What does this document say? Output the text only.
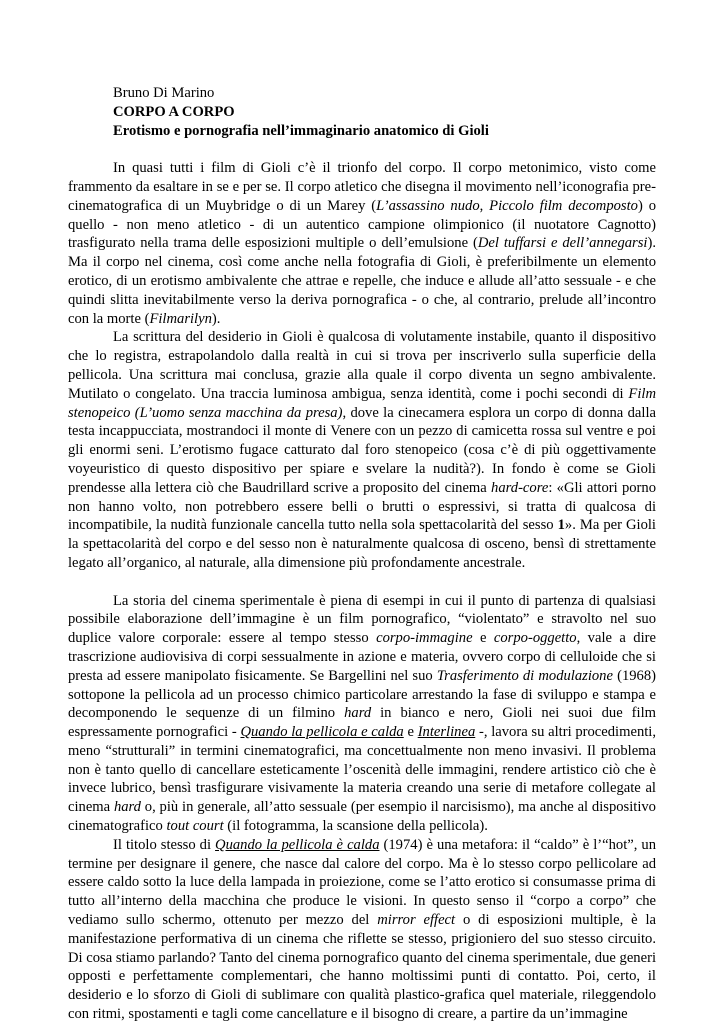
Bruno Di Marino
CORPO A CORPO
Erotismo e pornografia nell’immaginario anatomico di Gioli

In quasi tutti i film di Gioli c’è il trionfo del corpo. Il corpo metonimico, visto come frammento da esaltare in se e per se. Il corpo atletico che disegna il movimento nell’iconografia pre-cinematografica di un Muybridge o di un Marey (L’assassino nudo, Piccolo film decomposto) o quello - non meno atletico - di un autentico campione olimpionico (il nuotatore Cagnotto) trasfigurato nella trama delle esposizioni multiple o dell’emulsione (Del tuffarsi e dell’annegarsi). Ma il corpo nel cinema, così come anche nella fotografia di Gioli, è preferibilmente un elemento erotico, di un erotismo ambivalente che attrae e repelle, che induce e allude all’atto sessuale - e che quindi slitta inevitabilmente verso la deriva pornografica - o che, al contrario, prelude all’incontro con la morte (Filmarilyn).

La scrittura del desiderio in Gioli è qualcosa di volutamente instabile, quanto il dispositivo che lo registra, estrapolandolo dalla realtà in cui si trova per inscriverlo sulla superficie della pellicola. Una scrittura mai conclusa, grazie alla quale il corpo diventa un segno ambivalente. Mutilato o congelato. Una traccia luminosa ambigua, senza identità, come i pochi secondi di Film stenopeico (L’uomo senza macchina da presa), dove la cinecamera esplora un corpo di donna dalla testa incappucciata, mostrandoci il monte di Venere con un pezzo di camicetta rossa sul ventre e poi gli enormi seni. L’erotismo fugace catturato dal foro stenopeico (cosa c’è di più oggettivamente voyeuristico di questo dispositivo per spiare e svelare la nudità?). In fondo è come se Gioli prendesse alla lettera ciò che Baudrillard scrive a proposito del cinema hard-core: «Gli attori porno non hanno volto, non potrebbero essere belli o brutti o espressivi, si tratta di qualcosa di incompatibile, la nudità funzionale cancella tutto nella sola spettacolarità del sesso 1». Ma per Gioli la spettacolarità del corpo e del sesso non è naturalmente qualcosa di osceno, bensì di strettamente legato all’organico, al naturale, alla dimensione più profondamente ancestrale.

La storia del cinema sperimentale è piena di esempi in cui il punto di partenza di qualsiasi possibile elaborazione dell’immagine è un film pornografico, “violentato” e stravolto nel suo duplice valore corporale: essere al tempo stesso corpo-immagine e corpo-oggetto, vale a dire trascrizione audiovisiva di corpi sessualmente in azione e materia, ovvero corpo di celluloide che si presta ad essere manipolato fisicamente. Se Bargellini nel suo Trasferimento di modulazione (1968) sottopone la pellicola ad un processo chimico particolare arrestando la fase di sviluppo e stampa e decomponendo le sequenze di un filmino hard in bianco e nero, Gioli nei suoi due film espressamente pornografici - Quando la pellicola e calda e Interlinea -, lavora su altri procedimenti, meno “strutturali” in termini cinematografici, ma concettualmente non meno invasivi. Il problema non è tanto quello di cancellare esteticamente l’oscenità delle immagini, rendere artistico ciò che è invece lubrico, bensì trasfigurare visivamente la materia creando una serie di metafore collegate al cinema hard o, più in generale, all’atto sessuale (per esempio il narcisismo), ma anche al dispositivo cinematografico tout court (il fotogramma, la scansione della pellicola).

Il titolo stesso di Quando la pellicola è calda (1974) è una metafora: il “caldo” è l’“hot”, un termine per designare il genere, che nasce dal calore del corpo. Ma è lo stesso corpo pellicolare ad essere caldo sotto la luce della lampada in proiezione, come se l’atto erotico si consumasse prima di tutto all’interno della macchina che produce le visioni. In questo senso il “corpo a corpo” che vediamo sullo schermo, ottenuto per mezzo del mirror effect o di esposizioni multiple, è la manifestazione performativa di un cinema che riflette se stesso, prigioniero del suo stesso circuito. Di cosa stiamo parlando? Tanto del cinema pornografico quanto del cinema sperimentale, due generi opposti e perfettamente complementari, che hanno moltissimi punti di contatto. Poi, certo, il desiderio e lo sforzo di Gioli di sublimare con qualità plastico-grafica quel materiale, rileggendolo con ritmi, spostamenti e tagli come cancellature e il bisogno di creare, a partire da un’immagine
